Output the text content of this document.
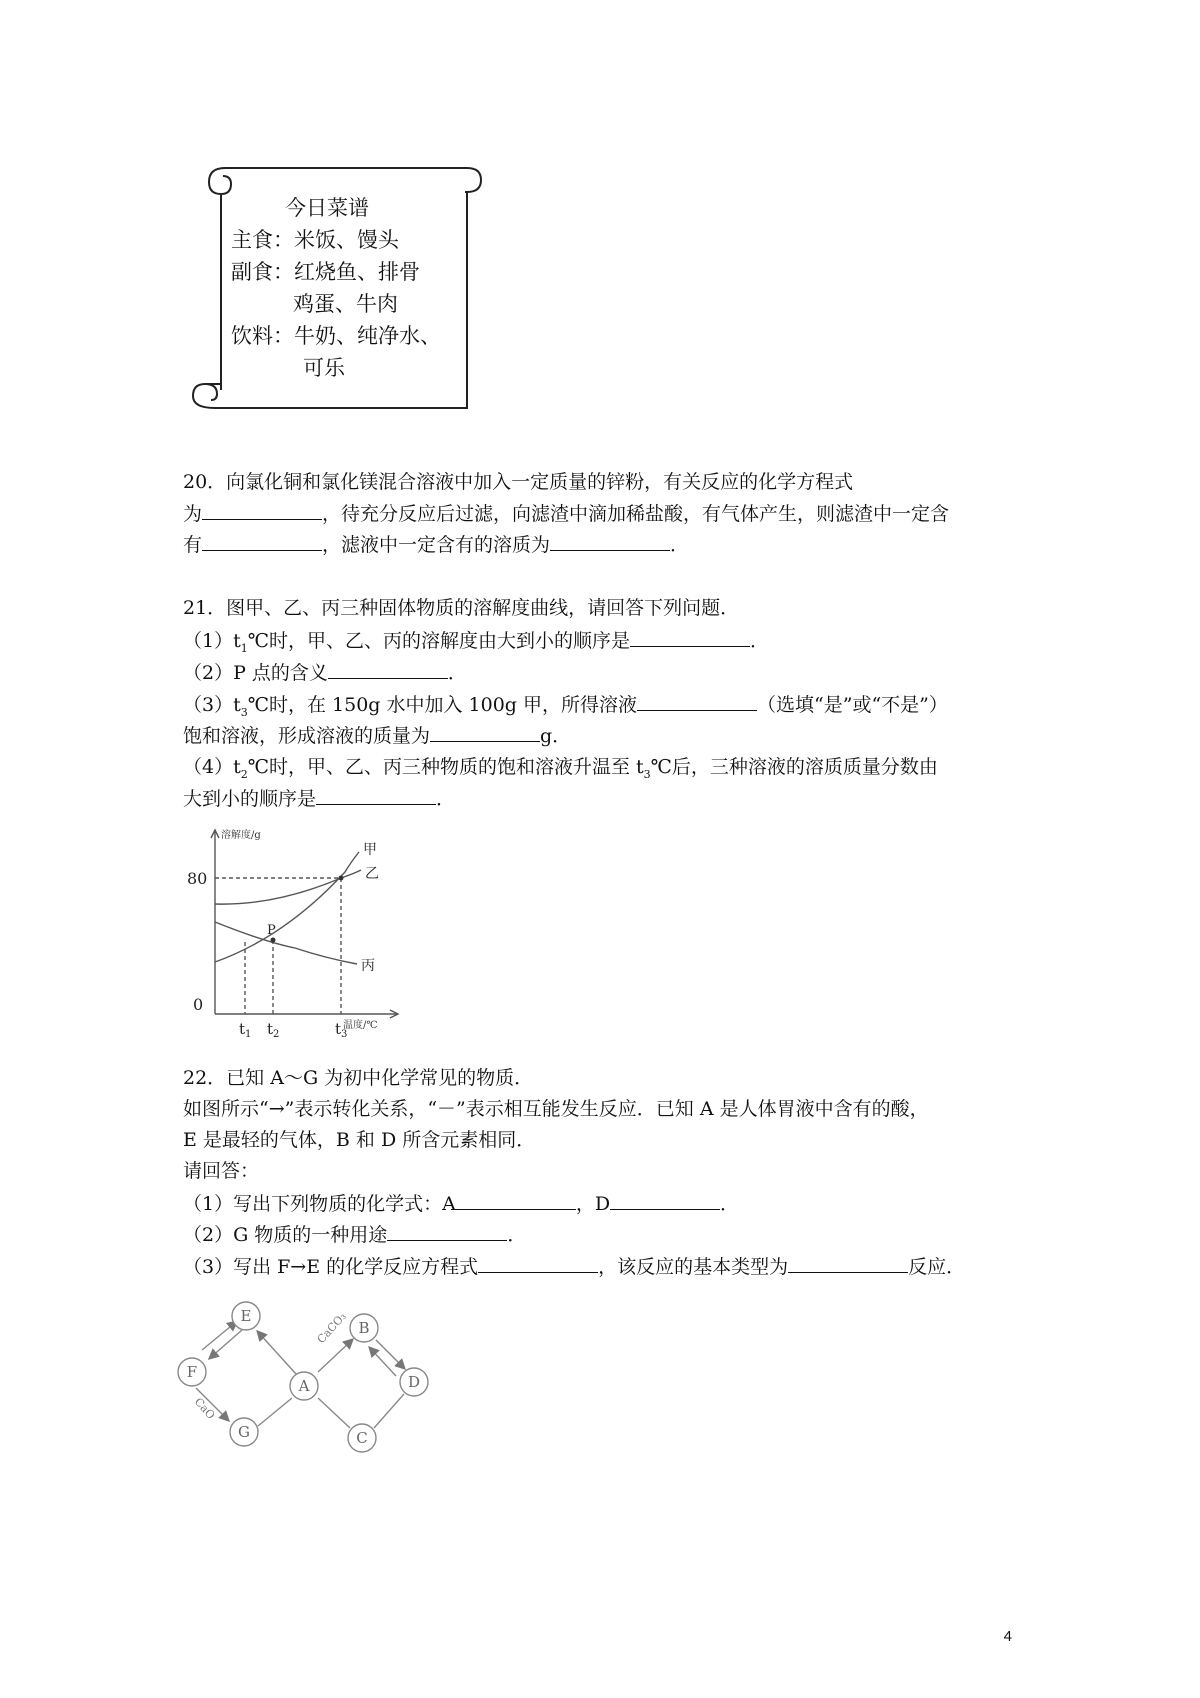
今日菜谱
主食：米饭、馒头
副食：红烧鱼、排骨
鸡蛋、牛肉
饮料：牛奶、纯净水、
可乐
20．向氯化铜和氯化镁混合溶液中加入一定质量的锌粉，有关反应的化学方程式
为	，待充分反应后过滤，向滤渣中滴加稀盐酸，有气体产生，则滤渣中一定含
有	，滤液中一定含有的溶质为	．
21．图甲、乙、丙三种固体物质的溶解度曲线，请回答下列问题．
$(1)t_1℃$时，甲、乙、丙的溶解度由大到小的顺序是	．
（2）P 点的含义	．
$(3)t_3℃$时，在 150g 水中加入 100g 甲，所得溶液	（选填“是”或“不是”）
饱和溶液，形成溶液的质量为	g．
$(4)t_2℃$时，甲、乙、丙三种物质的饱和溶液升温至 $t_3℃$后，三种溶液的溶质质量分数由
大到小的顺序是	．
溶解度/g
温度/℃
80
0
甲
乙
丙
P
$t_1$ $t_2$	$t_3$
22．已知 A～G 为初中化学常见的物质．
如图所示“→”表示转化关系，“－”表示相互能发生反应．已知 A 是人体胃液中含有的酸，
E 是最轻的气体，B 和 D 所含元素相同．
请回答：
（1）写出下列物质的化学式：A	，D	．
（2）G 物质的一种用途	．
（3）写出 F→E 的化学反应方程式	，该反应的基本类型为	反应．
E
B
F
A	D
G	C
CaCO₃
CaO
4
